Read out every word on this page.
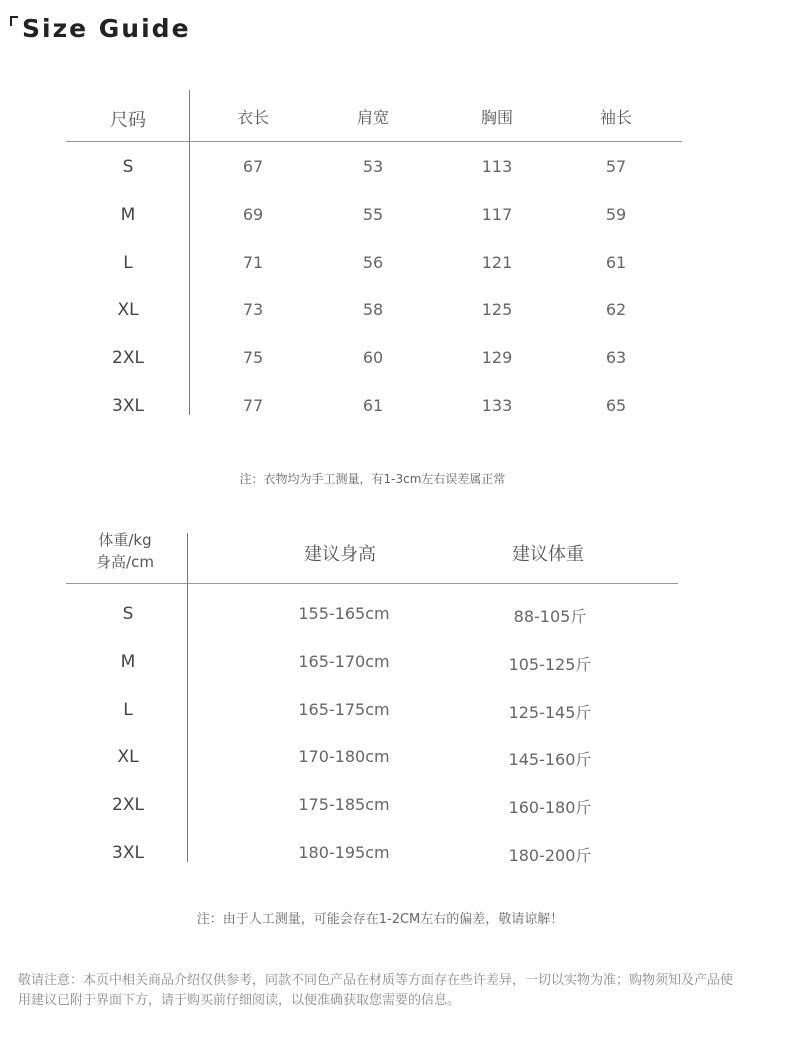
Size Guide
尺码	衣长	肩宽	胸围	袖长
S	67	53	113	57
M	69	55	117	59
L	71	56	121	61
XL	73	58	125	62
2XL	75	60	129	63
3XL	77	61	133	65
注：衣物均为手工测量，有1-3cm左右误差属正常
体重/kg
身高/cm	建议身高	建议体重
S	155-165cm	88-105斤
M	165-170cm	105-125斤
L	165-175cm	125-145斤
XL	170-180cm	145-160斤
2XL	175-185cm	160-180斤
3XL	180-195cm	180-200斤
注：由于人工测量，可能会存在1-2CM左右的偏差，敬请谅解！
敬请注意：本页中相关商品介绍仅供参考，同款不同色产品在材质等方面存在些许差异，一切以实物为准；购物须知及产品使用建议已附于界面下方，请于购买前仔细阅读，以便准确获取您需要的信息。
